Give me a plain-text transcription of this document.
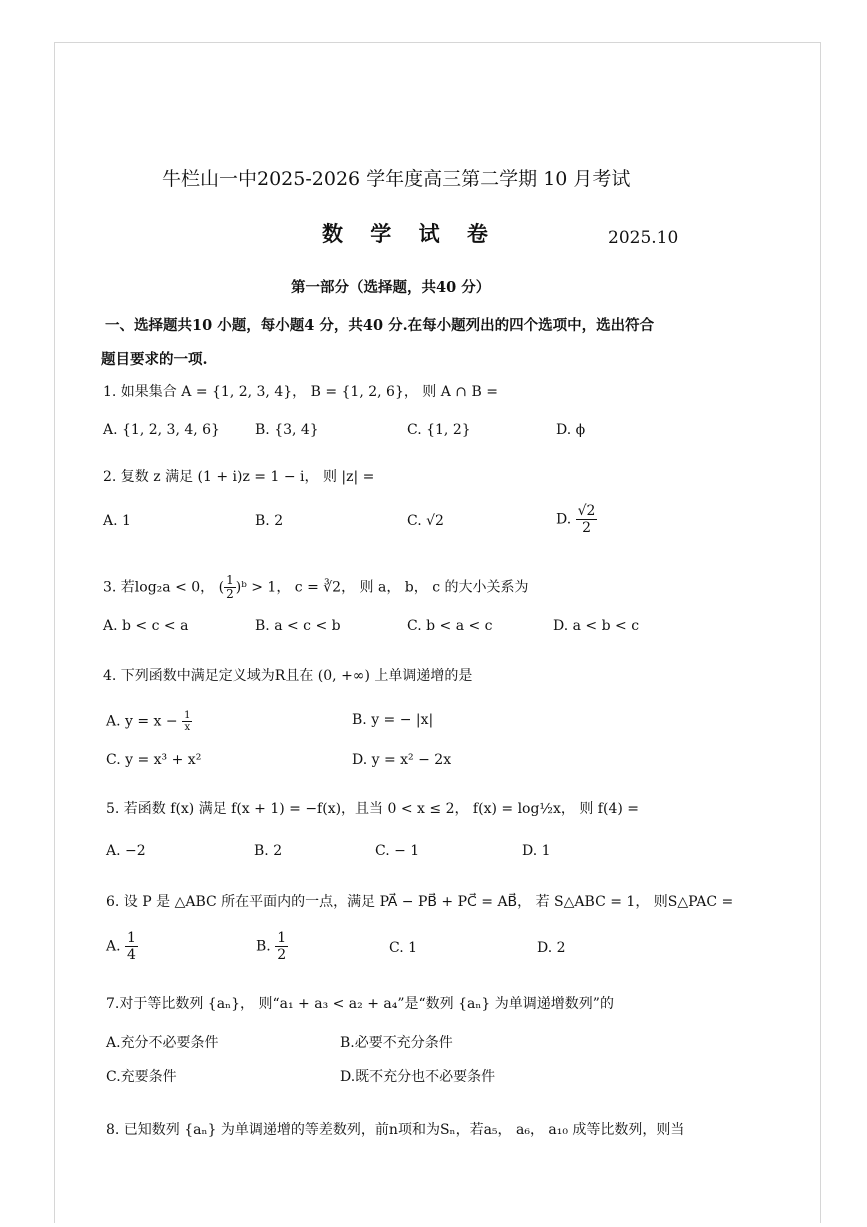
牛栏山一中2025-2026 学年度高三第二学期 10 月考试
数 学 试 卷	2025.10
第一部分（选择题，共40 分）
一、选择题共10 小题，每小题4 分，共40 分.在每小题列出的四个选项中，选出符合
题目要求的一项.
1. 如果集合 A = {1, 2, 3, 4}， B = {1, 2, 6}， 则 A ∩ B =
A. {1, 2, 3, 4, 6}	B. {3, 4}	C. {1, 2}	D. ϕ
2. 复数 z 满足 (1 + i)z = 1 − i， 则 |z| =
A. 1	B. 2	C. √2	D. $\frac{√2}{2}$
3. 若log₂a < 0， ( $\frac{1}{2}$ )ᵇ > 1， c = ∛2， 则 a， b， c 的大小关系为
A. b < c < a	B. a < c < b	C. b < a < c	D. a < b < c
4. 下列函数中满足定义域为R且在 (0, +∞) 上单调递增的是
A. $y = x - \frac{1}{x}$	B. y = − |x|
C. y = x³ + x²	D. y = x² − 2x
5. 若函数 f(x) 满足 f(x + 1) = −f(x)，且当 0 < x ≤ 2， f(x) = log½x， 则 f(4) =
A. −2	B. 2	C. − 1	D. 1
6. 设 P 是 △ABC 所在平面内的一点，满足 PA⃗ − PB⃗ + PC⃗ = AB⃗， 若 S△ABC = 1， 则S△PAC =
A. $\frac{1}{4}$	B. $\frac{1}{2}$	C. 1	D. 2
7.对于等比数列 {aₙ}， 则“a₁ + a₃ < a₂ + a₄”是“数列 {aₙ} 为单调递增数列”的
A.充分不必要条件	B.必要不充分条件
C.充要条件	D.既不充分也不必要条件
8. 已知数列 {aₙ} 为单调递增的等差数列，前n项和为Sₙ，若a₅， a₆， a₁₀ 成等比数列，则当
